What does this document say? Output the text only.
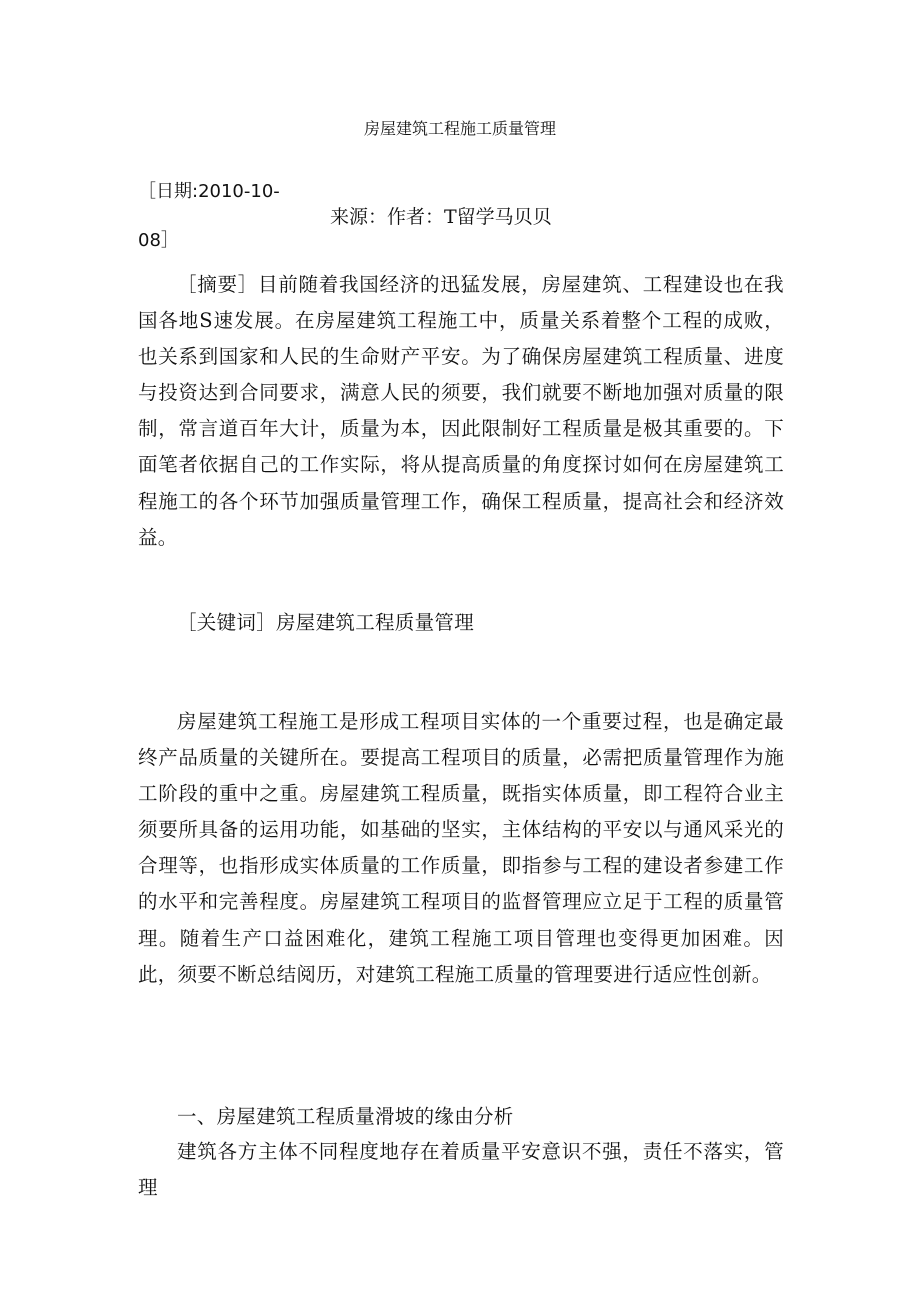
房屋建筑工程施工质量管理
［日期:2010-10-
来源：作者：T留学马贝贝
08］

［摘要］目前随着我国经济的迅猛发展，房屋建筑、工程建设也在我国各地S速发展。在房屋建筑工程施工中，质量关系着整个工程的成败，也关系到国家和人民的生命财产平安。为了确保房屋建筑工程质量、进度与投资达到合同要求，满意人民的须要，我们就要不断地加强对质量的限制，常言道百年大计，质量为本，因此限制好工程质量是极其重要的。下面笔者依据自己的工作实际，将从提高质量的角度探讨如何在房屋建筑工程施工的各个环节加强质量管理工作，确保工程质量，提高社会和经济效益。

［关键词］房屋建筑工程质量管理

房屋建筑工程施工是形成工程项目实体的一个重要过程，也是确定最终产品质量的关键所在。要提高工程项目的质量，必需把质量管理作为施工阶段的重中之重。房屋建筑工程质量，既指实体质量，即工程符合业主须要所具备的运用功能，如基础的坚实，主体结构的平安以与通风采光的合理等，也指形成实体质量的工作质量，即指参与工程的建设者参建工作的水平和完善程度。房屋建筑工程项目的监督管理应立足于工程的质量管理。随着生产口益困难化，建筑工程施工项目管理也变得更加困难。因此，须要不断总结阅历，对建筑工程施工质量的管理要进行适应性创新。

一、房屋建筑工程质量滑坡的缘由分析

建筑各方主体不同程度地存在着质量平安意识不强，责任不落实，管理
